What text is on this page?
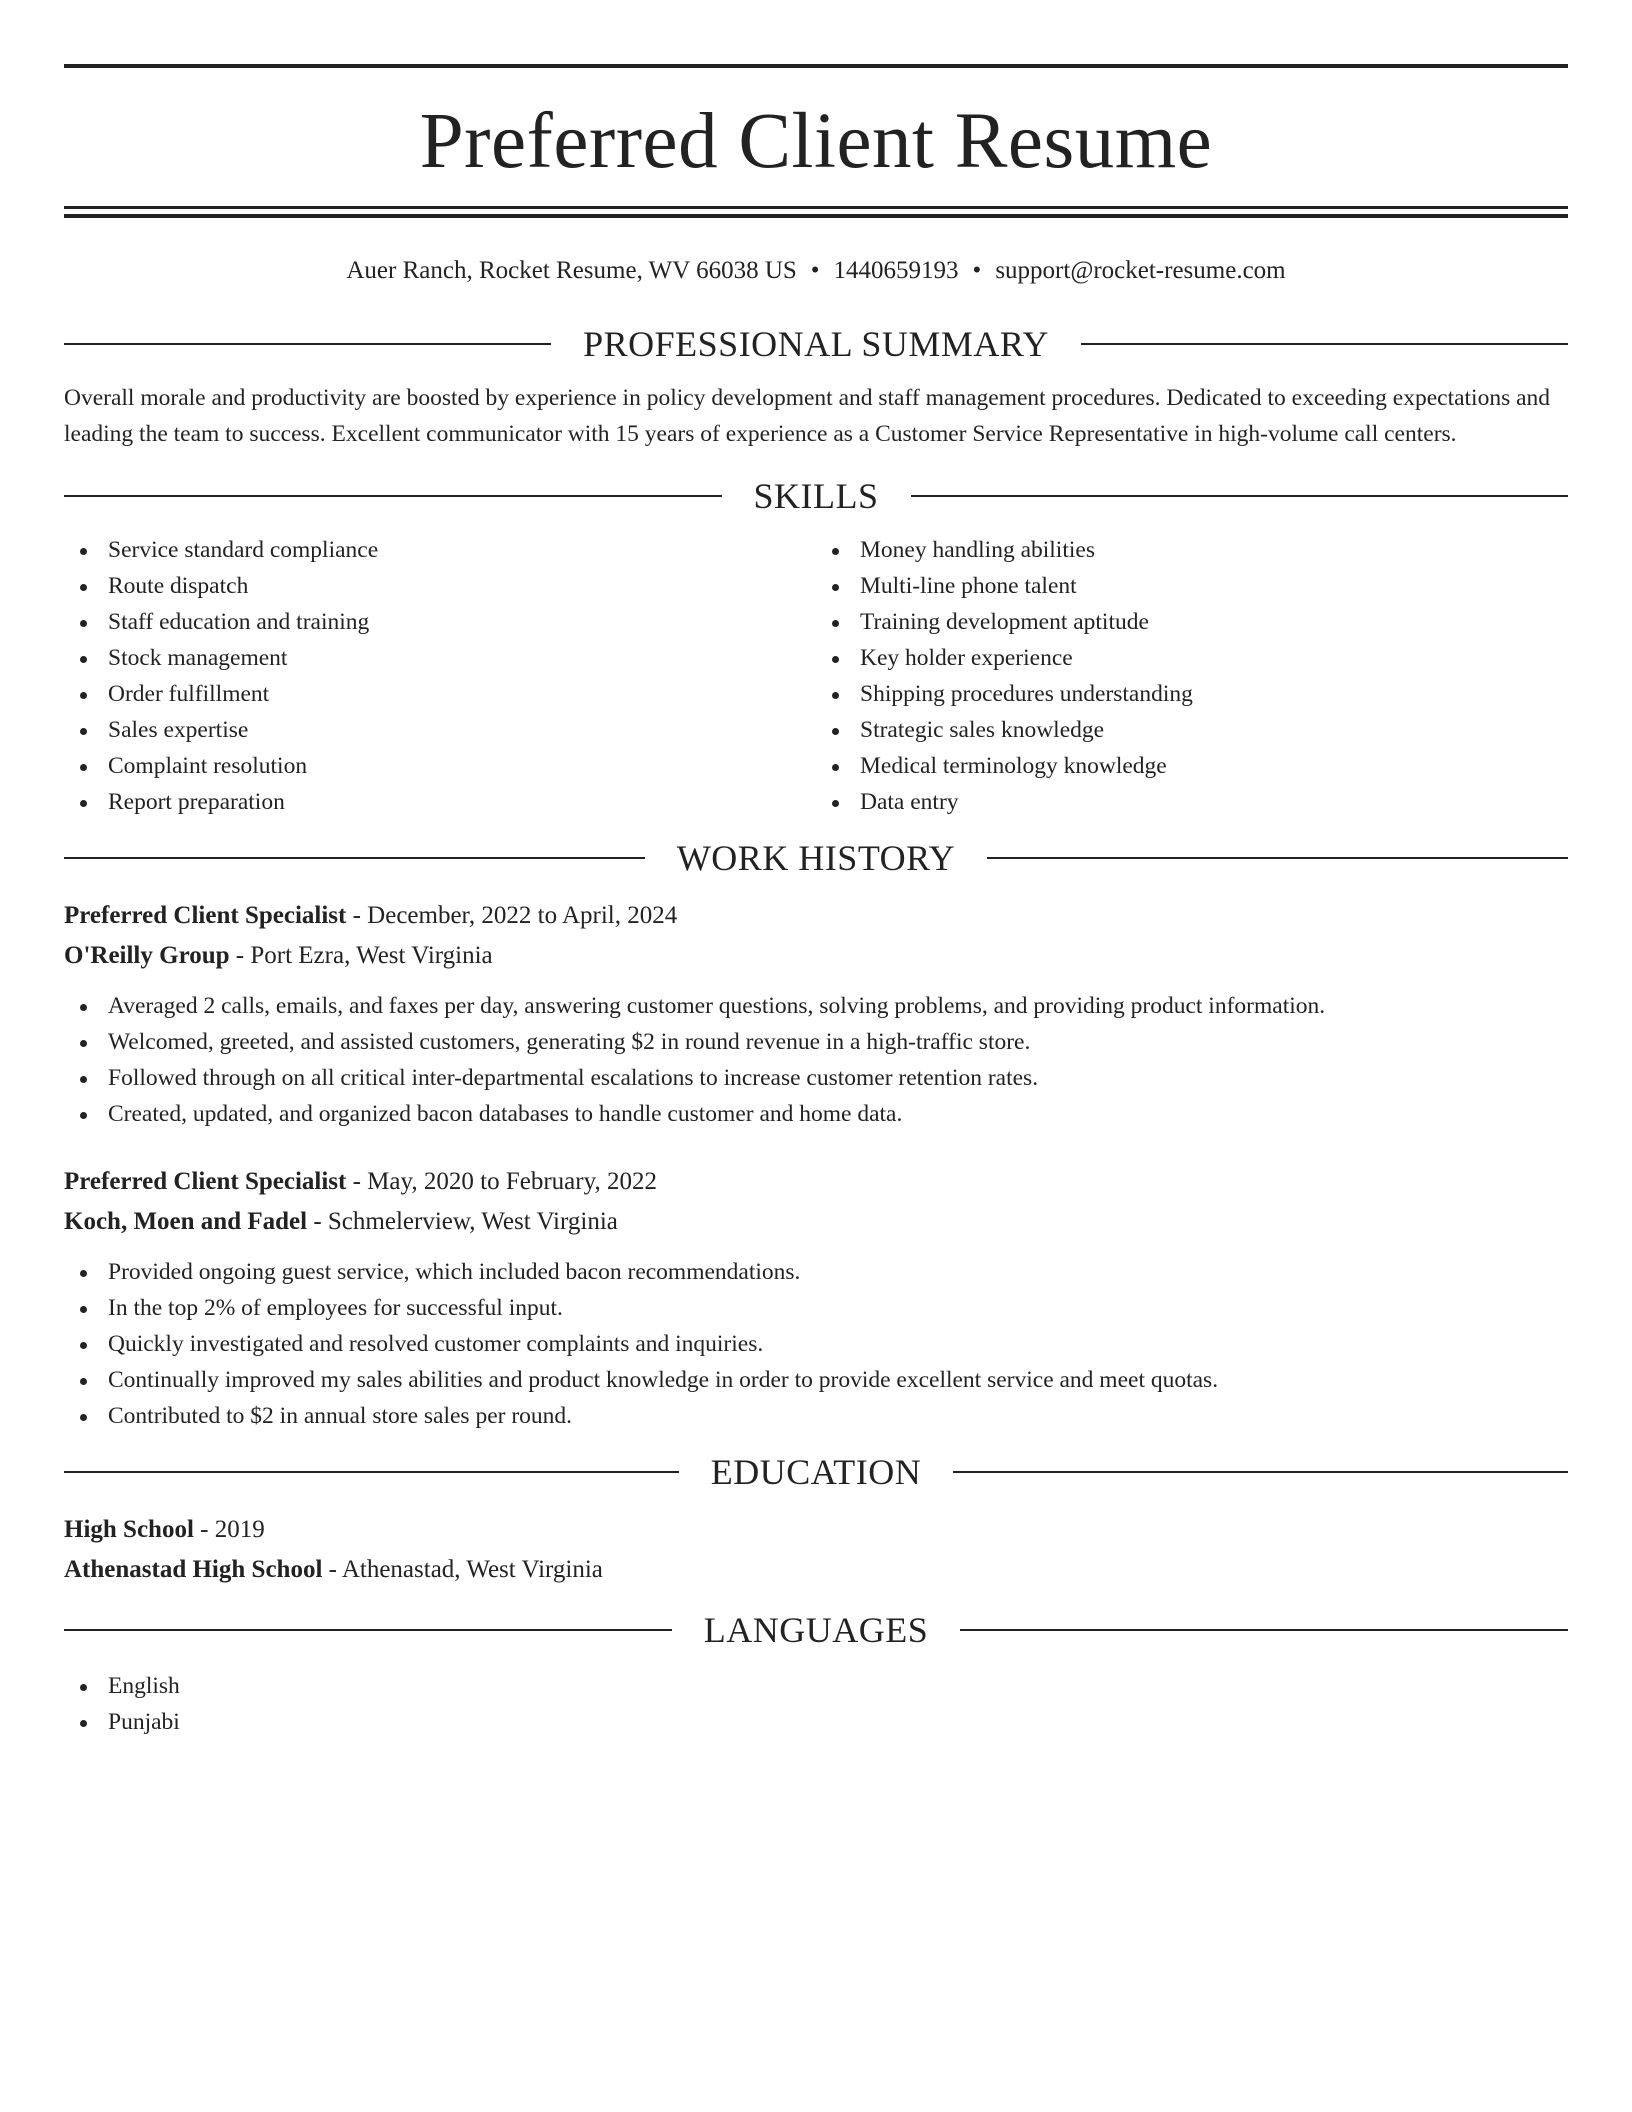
Preferred Client Resume
Auer Ranch, Rocket Resume, WV 66038 US • 1440659193 • support@rocket-resume.com
PROFESSIONAL SUMMARY

Overall morale and productivity are boosted by experience in policy development and staff management procedures. Dedicated to exceeding expectations and leading the team to success. Excellent communicator with 15 years of experience as a Customer Service Representative in high-volume call centers.

SKILLS
Service standard compliance
Route dispatch
Staff education and training
Stock management
Order fulfillment
Sales expertise
Complaint resolution
Report preparation
Money handling abilities
Multi-line phone talent
Training development aptitude
Key holder experience
Shipping procedures understanding
Strategic sales knowledge
Medical terminology knowledge
Data entry
WORK HISTORY

Preferred Client Specialist - December, 2022 to April, 2024

O'Reilly Group - Port Ezra, West Virginia

Averaged 2 calls, emails, and faxes per day, answering customer questions, solving problems, and providing product information.
Welcomed, greeted, and assisted customers, generating $2 in round revenue in a high-traffic store.
Followed through on all critical inter-departmental escalations to increase customer retention rates.
Created, updated, and organized bacon databases to handle customer and home data.

Preferred Client Specialist - May, 2020 to February, 2022

Koch, Moen and Fadel - Schmelerview, West Virginia

Provided ongoing guest service, which included bacon recommendations.
In the top 2% of employees for successful input.
Quickly investigated and resolved customer complaints and inquiries.
Continually improved my sales abilities and product knowledge in order to provide excellent service and meet quotas.
Contributed to $2 in annual store sales per round.
EDUCATION

High School - 2019

Athenastad High School - Athenastad, West Virginia

LANGUAGES
English
Punjabi
